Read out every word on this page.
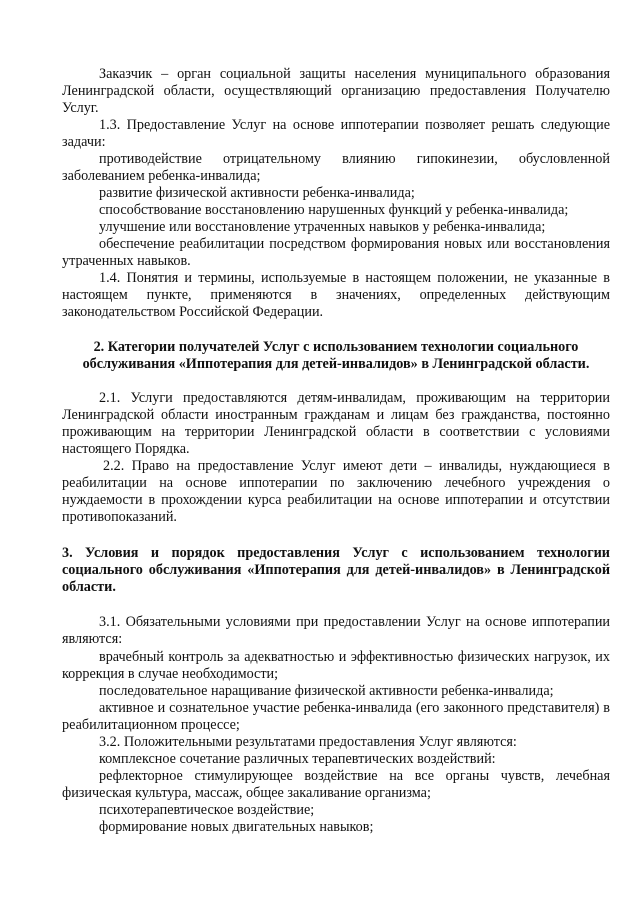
Заказчик – орган социальной защиты населения муниципального образования Ленинградской области, осуществляющий организацию предоставления Получателю Услуг.

1.3. Предоставление Услуг на основе иппотерапии позволяет решать следующие задачи:

противодействие отрицательному влиянию гипокинезии, обусловленной заболеванием ребенка-инвалида;

развитие физической активности ребенка-инвалида;

способствование восстановлению нарушенных функций у ребенка-инвалида;

улучшение или восстановление утраченных навыков у ребенка-инвалида;

обеспечение реабилитации посредством формирования новых или восстановления утраченных навыков.

1.4. Понятия и термины, используемые в настоящем положении, не указанные в настоящем пункте, применяются в значениях, определенных действующим законодательством Российской Федерации.

2. Категории получателей Услуг с использованием технологии социального обслуживания «Иппотерапия для детей-инвалидов» в Ленинградской области.

2.1. Услуги предоставляются детям-инвалидам, проживающим на территории Ленинградской области иностранным гражданам и лицам без гражданства, постоянно проживающим на территории Ленинградской области в соответствии с условиями настоящего Порядка.

2.2. Право на предоставление Услуг имеют дети – инвалиды, нуждающиеся в реабилитации на основе иппотерапии по заключению лечебного учреждения о нуждаемости в прохождении курса реабилитации на основе иппотерапии и отсутствии противопоказаний.

3. Условия и порядок предоставления Услуг с использованием технологии социального обслуживания «Иппотерапия для детей-инвалидов» в Ленинградской области.

3.1. Обязательными условиями при предоставлении Услуг на основе иппотерапии являются:

врачебный контроль за адекватностью и эффективностью физических нагрузок, их коррекция в случае необходимости;

последовательное наращивание физической активности ребенка-инвалида;

активное и сознательное участие ребенка-инвалида (его законного представителя) в реабилитационном процессе;

3.2. Положительными результатами предоставления Услуг являются:

комплексное сочетание различных терапевтических воздействий:

рефлекторное стимулирующее воздействие на все органы чувств, лечебная физическая культура, массаж, общее закаливание организма;

психотерапевтическое воздействие;

формирование новых двигательных навыков;
